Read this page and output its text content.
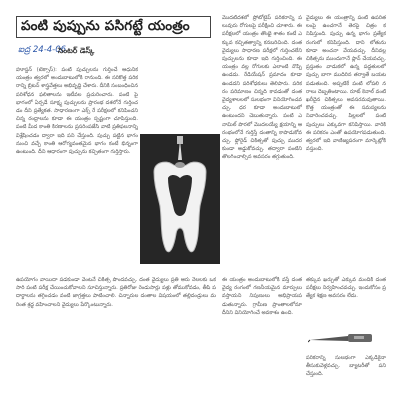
పంటి పుప్పును పసిగట్టే యంత్రం
ఐద్ర 24-4-06
సెంటర్ డెస్క్

హూస్టన్ (టెక్సాస్): పంటి పుచ్చులను గుర్తించే ఆధునిక యంత్రం త్వరలో అందుబాటులోకి రానుంది. ఈ సరికొత్త పరికరాన్ని బ్రిటన్ శాస్త్రవేత్తలు అభివృద్ధి చేశారు. దీనికి సంబంధించిన పరిశోధన ఫలితాలను ఇటీవల ప్రచురించారు. పంటి పై భాగంలో ఏర్పడే సూక్ష్మ పుచ్చులను ప్రారంభ దశలోనే గుర్తించడం దీని ప్రత్యేకత. సాధారణంగా ఎక్స్ రే పరీక్షలలో కనిపించని చిన్న రంధ్రాలను కూడా ఈ యంత్రం స్పష్టంగా చూపిస్తుంది. పంటి మీద కాంతి కిరణాలను ప్రసరింపజేసి వాటి ప్రతిఫలనాన్ని విశ్లేషించడం ద్వారా ఇది పని చేస్తుంది. పుచ్చు పట్టిన భాగం నుంచి వచ్చే కాంతి ఆరోగ్యవంతమైన భాగం కంటే భిన్నంగా ఉంటుంది. దీని ఆధారంగా పుచ్చును కచ్చితంగా గుర్తిస్తారు.

మొదటిదశలో ప్రోటోటైప్ పరికరాన్ని పలువురు రోగులపై పరీక్షించి చూశారు. ఈ పరీక్షలలో యంత్రం తొంభై శాతం కంటే ఎక్కువ కచ్చితత్వాన్ని కనబరిచింది. దంత వైద్యులు సాధారణ పరీక్షలో గుర్తించలేని పుచ్చులను కూడా ఇది గుర్తించింది. ఈ యంత్రం వల్ల రోగులకు ఎలాంటి నొప్పి ఉండదు. రేడియేషన్ ప్రమాదం కూడా ఉండదని పరిశోధకులు తెలిపారు. పరికరం పరిమాణం చిన్నది కావడంతో దంత వైద్యశాలలలో సులభంగా వినియోగించవచ్చు. ధర కూడా అందుబాటులో ఉంటుందని చెబుతున్నారు. పంటి ఎనామిల్ పొరలో మొదలయ్యే క్షయాన్ని ఆరంభంలోనే గుర్తిస్తే దంతాన్ని కాపాడుకోవచ్చు. ఫ్లోరైడ్ చికిత్సతో పుచ్చు ముదరకుండా అడ్డుకోవచ్చు. తద్వారా పంటిని తొలగించాల్సిన అవసరం తగ్గుతుంది.

వైద్యులు ఈ యంత్రాన్ని పంటి ఉపరితలంపై ఉంచగానే తెరపై చిత్రం కనిపిస్తుంది. పుచ్చు ఉన్న భాగం ప్రత్యేక రంగులో కనిపిస్తుంది. దాని లోతును కూడా అంచనా వేయవచ్చు. దీనివల్ల చికిత్సను ముందుగానే ప్లాన్ చేయవచ్చు. ప్రస్తుతం వాడుకలో ఉన్న పద్ధతులలో పుచ్చు బాగా ముదిరిన తర్వాతే బయటపడుతుంది. అప్పటికే పంటి లోపలి నరాలు దెబ్బతింటాయి. రూట్ కెనాల్ వంటి ఖరీదైన చికిత్సలు అవసరమవుతాయి. కొత్త యంత్రంతో ఈ సమస్యలను నివారించవచ్చు. పిల్లలలో పంటి పుచ్చులు ఎక్కువగా కనిపిస్తాయి. వారికి ఈ పరికరం ఎంతో ఉపయోగపడుతుంది. త్వరలో ఇది వాణిజ్యపరంగా మార్కెట్లోకి వస్తుంది.

ఉపయోగం వాయిదా పడకుండా వెంటనే చికిత్స పొందవచ్చు. దంత వైద్యులు ప్రతి ఆరు నెలలకు ఒకసారి పంటి పరీక్ష చేయించుకోవాలని సూచిస్తున్నారు. ప్రతిరోజు రెండుసార్లు పళ్లు తోముకోవడం, తీపి పదార్థాలను తగ్గించడం వంటి జాగ్రత్తలు పాటించాలి. చిన్నారుల దంతాల విషయంలో తల్లిదండ్రులు మరింత శ్రద్ధ వహించాలని వైద్యులు పేర్కొంటున్నారు.

ఈ యంత్రం అందుబాటులోకి వస్తే దంత వైద్య రంగంలో గణనీయమైన మార్పులు వస్తాయని నిపుణులు అభిప్రాయపడుతున్నారు. గ్రామీణ ప్రాంతాలలోనూ దీనిని వినియోగించే అవకాశం ఉంది.

తక్కువ ఖర్చుతో ఎక్కువ మందికి దంత పరీక్షలు నిర్వహించవచ్చు. ఇందుకోసం ప్రత్యేక శిక్షణ అవసరం లేదు.

పరికరాన్ని సులభంగా ఎక్కడికైనా తీసుకువెళ్లవచ్చు. బ్యాటరీతో పని చేస్తుంది.
